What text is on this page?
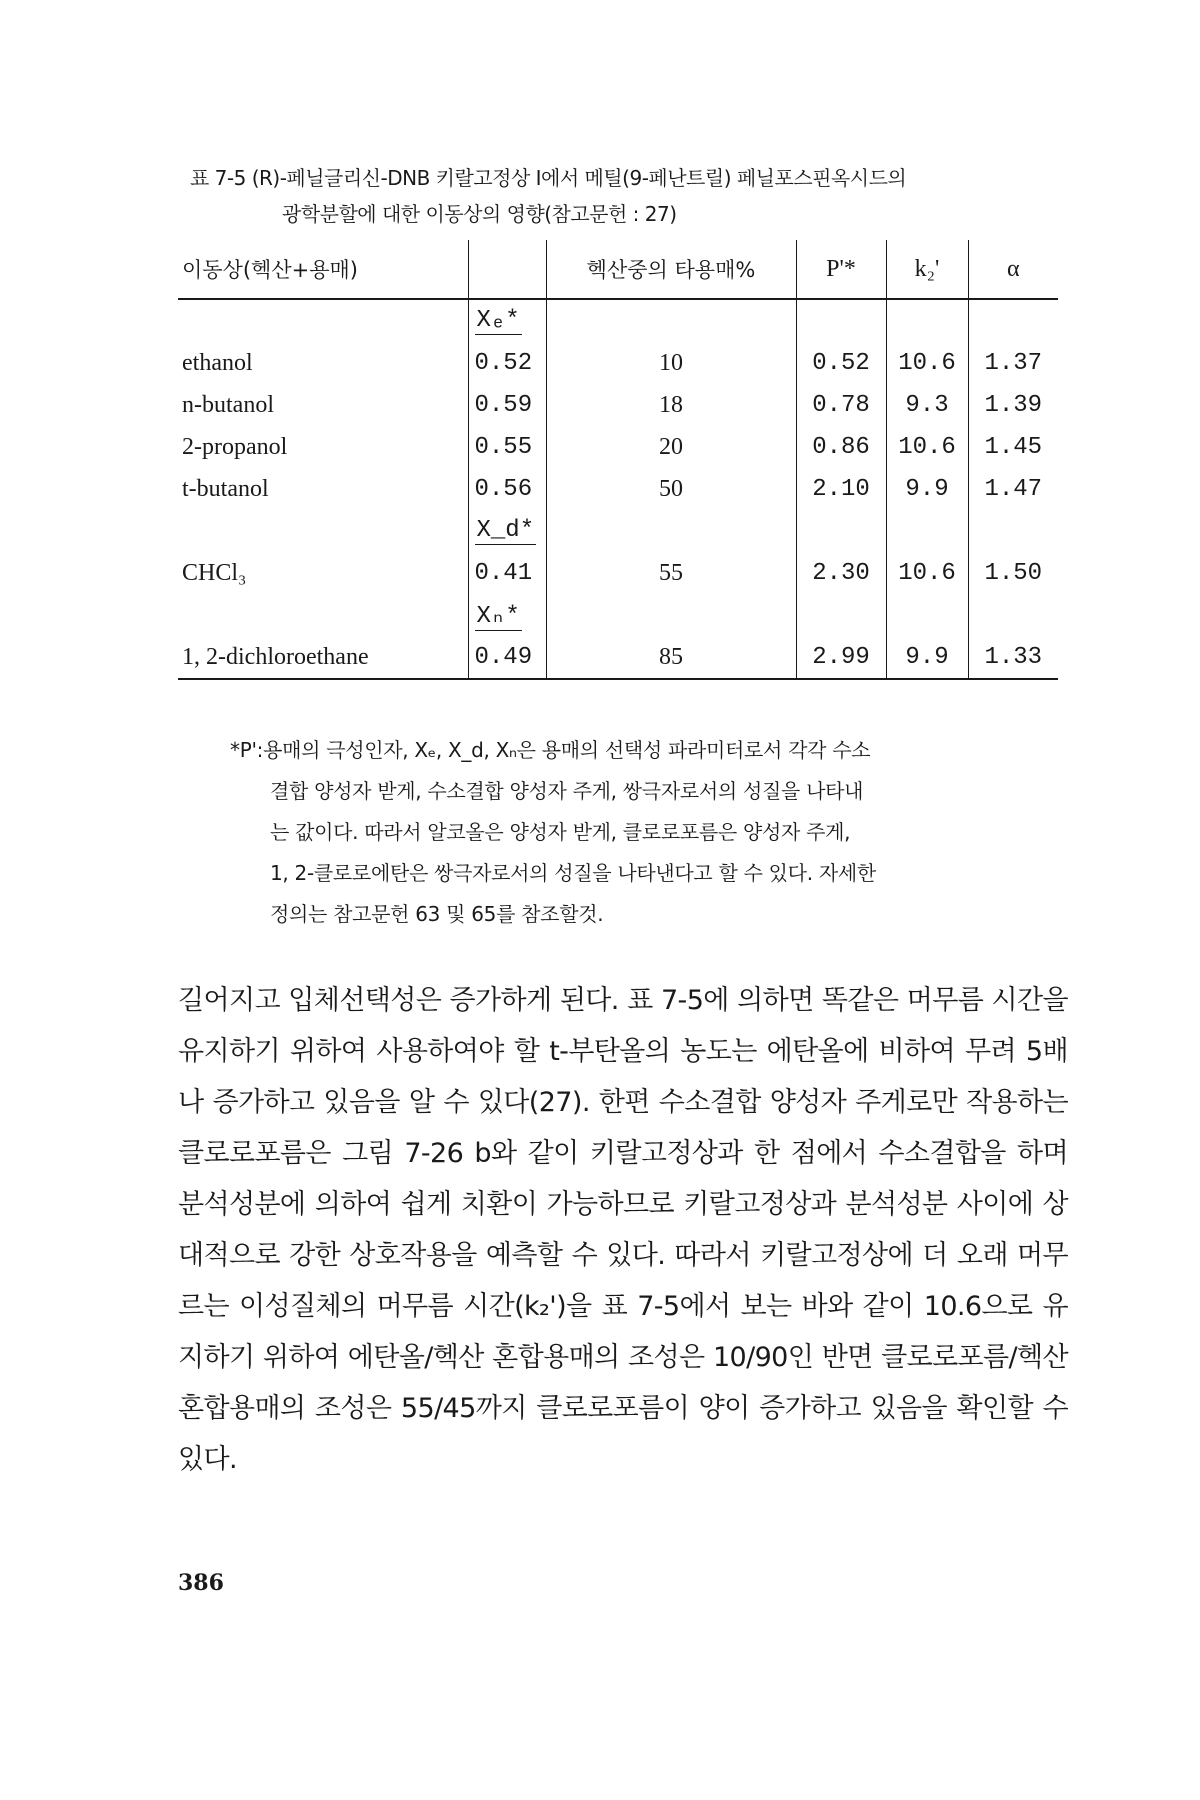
표 7-5 (R)-페닐글리신-DNB 키랄고정상 I에서 메틸(9-페난트릴) 페닐포스핀옥시드의
광학분할에 대한 이동상의 영향(참고문헌 : 27)
이동상(헥산+용매)		헥산중의 타용매%	P'*	k₂'	α
	Xₑ*				
ethanol	0.52	10	0.52	10.6	1.37
n-butanol	0.59	18	0.78	9.3	1.39
2-propanol	0.55	20	0.86	10.6	1.45
t-butanol	0.56	50	2.10	9.9	1.47
	X_d*				
CHCl₃	0.41	55	2.30	10.6	1.50
	Xₙ*				
1, 2-dichloroethane	0.49	85	2.99	9.9	1.33
*P':용매의 극성인자, Xₑ, X_d, Xₙ은 용매의 선택성 파라미터로서 각각 수소
결합 양성자 받게, 수소결합 양성자 주게, 쌍극자로서의 성질을 나타내
는 값이다. 따라서 알코올은 양성자 받게, 클로로포름은 양성자 주게,
1, 2-클로로에탄은 쌍극자로서의 성질을 나타낸다고 할 수 있다. 자세한
정의는 참고문헌 63 및 65를 참조할것.

길어지고 입체선택성은 증가하게 된다. 표 7-5에 의하면 똑같은 머무름 시간을 유지하기 위하여 사용하여야 할 t-부탄올의 농도는 에탄올에 비하여 무려 5배나 증가하고 있음을 알 수 있다(27). 한편 수소결합 양성자 주게로만 작용하는 클로로포름은 그림 7-26 b와 같이 키랄고정상과 한 점에서 수소결합을 하며 분석성분에 의하여 쉽게 치환이 가능하므로 키랄고정상과 분석성분 사이에 상대적으로 강한 상호작용을 예측할 수 있다. 따라서 키랄고정상에 더 오래 머무르는 이성질체의 머무름 시간(k₂')을 표 7-5에서 보는 바와 같이 10.6으로 유지하기 위하여 에탄올/헥산 혼합용매의 조성은 10/90인 반면 클로로포름/헥산 혼합용매의 조성은 55/45까지 클로로포름이 양이 증가하고 있음을 확인할 수 있다.

386
